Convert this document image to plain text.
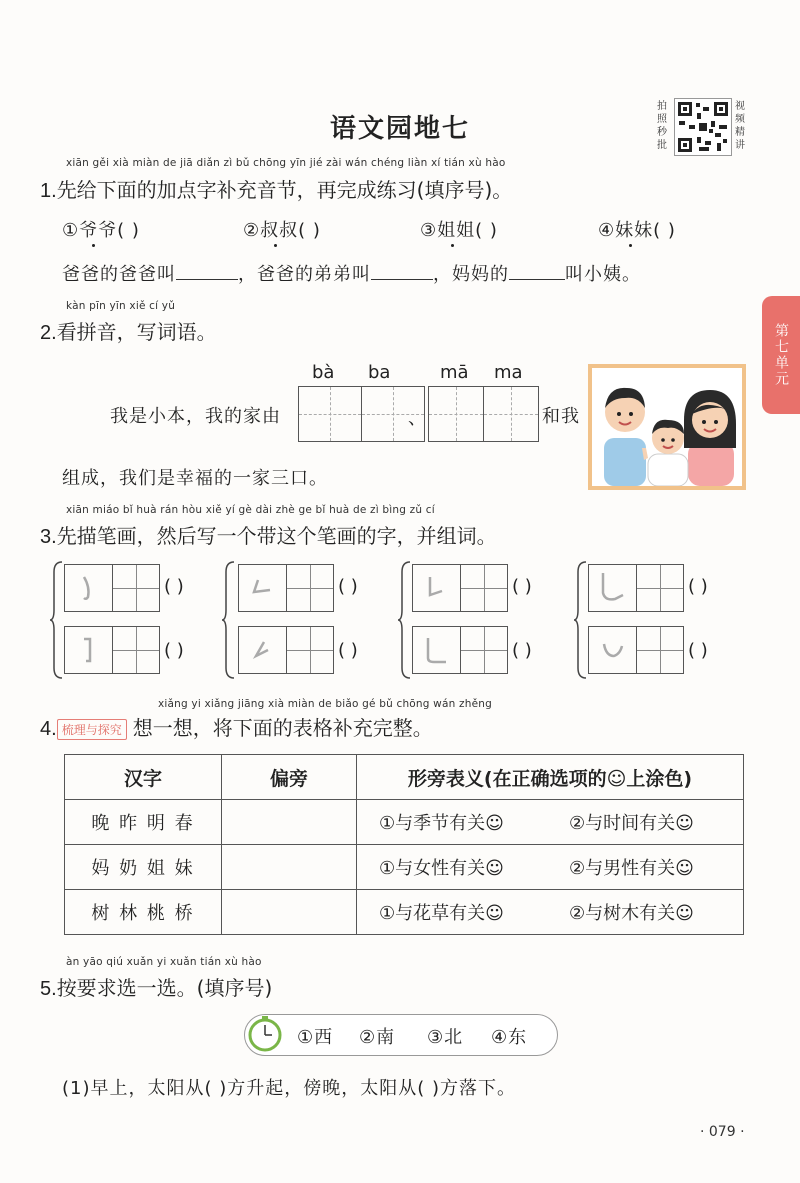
语文园地七
拍照秒批
视频精讲
第七单元
xiān gěi xià miàn de jiā diǎn zì bǔ chōng yīn jié zài wán chéng liàn xí tián xù hào
1.先给下面的加点字补充音节，再完成练习(填序号)。
①爷爷( )	②叔叔( )	③姐姐( )	④妹妹( )
爸爸的爸爸叫	，爸爸的弟弟叫	，妈妈的	叫小姨。
kàn pīn yīn xiě cí yǔ
2.看拼音，写词语。
bà ba	mā ma
我是小本，我的家由	、	和我
组成，我们是幸福的一家三口。
xiān miáo bǐ huà rán hòu xiě yí gè dài zhè ge bǐ huà de zì bìng zǔ cí
3.先描笔画，然后写一个带这个笔画的字，并组词。
( )	( )	( )	( )
( )	( )	( )	( )
xiǎng yi xiǎng jiāng xià miàn de biǎo gé bǔ chōng wán zhěng
4. 梳理与探究 想一想，将下面的表格补充完整。
汉字	偏旁	形旁表义(在正确选项的☺上涂色)
晚 昨 明 春		①与季节有关☺ ②与时间有关☺
妈 奶 姐 妹		①与女性有关☺ ②与男性有关☺
树 林 桃 桥		①与花草有关☺ ②与树木有关☺
àn yāo qiú xuǎn yi xuǎn tián xù hào
5.按要求选一选。(填序号)
①西 ②南 ③北 ④东
(1)早上，太阳从( )方升起，傍晚，太阳从( )方落下。
· 079 ·
